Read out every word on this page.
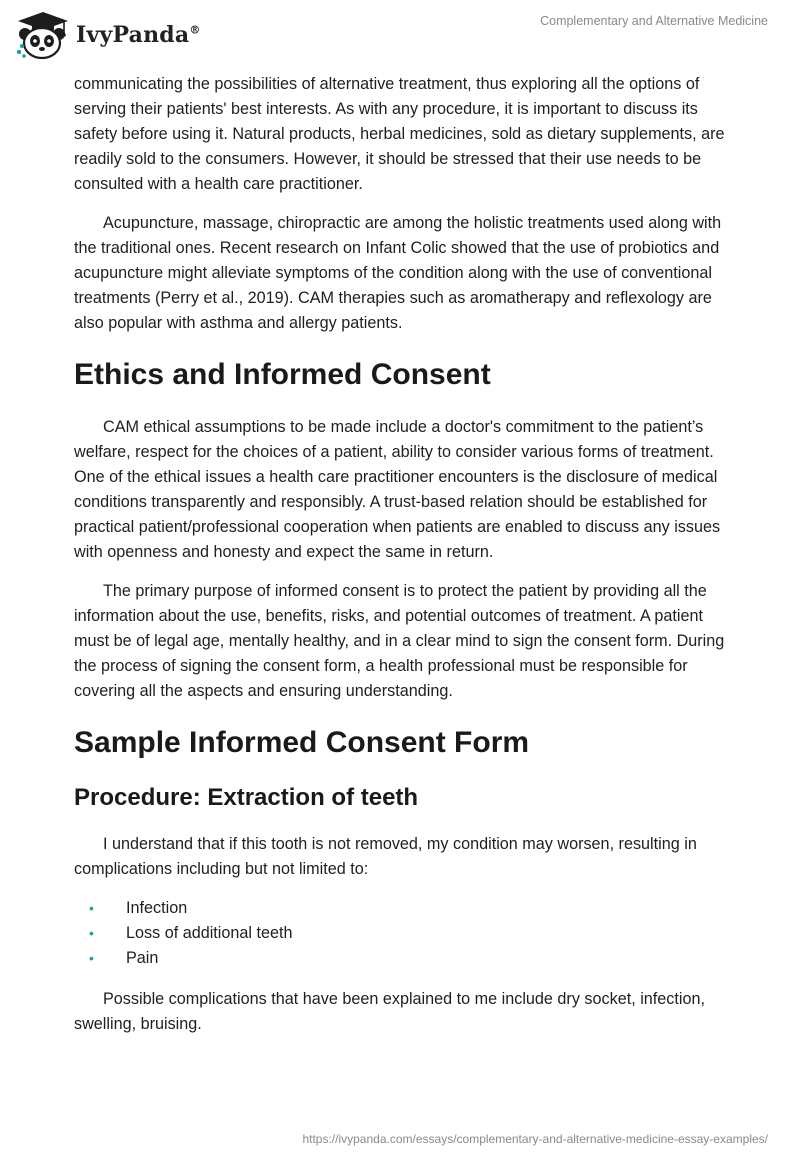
IvyPanda®
Complementary and Alternative Medicine

communicating the possibilities of alternative treatment, thus exploring all the options of serving their patients' best interests. As with any procedure, it is important to discuss its safety before using it. Natural products, herbal medicines, sold as dietary supplements, are readily sold to the consumers. However, it should be stressed that their use needs to be consulted with a health care practitioner.

Acupuncture, massage, chiropractic are among the holistic treatments used along with the traditional ones. Recent research on Infant Colic showed that the use of probiotics and acupuncture might alleviate symptoms of the condition along with the use of conventional treatments (Perry et al., 2019). CAM therapies such as aromatherapy and reflexology are also popular with asthma and allergy patients.

Ethics and Informed Consent

CAM ethical assumptions to be made include a doctor's commitment to the patient’s welfare, respect for the choices of a patient, ability to consider various forms of treatment. One of the ethical issues a health care practitioner encounters is the disclosure of medical conditions transparently and responsibly. A trust-based relation should be established for practical patient/professional cooperation when patients are enabled to discuss any issues with openness and honesty and expect the same in return.

The primary purpose of informed consent is to protect the patient by providing all the information about the use, benefits, risks, and potential outcomes of treatment. A patient must be of legal age, mentally healthy, and in a clear mind to sign the consent form. During the process of signing the consent form, a health professional must be responsible for covering all the aspects and ensuring understanding.

Sample Informed Consent Form
Procedure: Extraction of teeth

I understand that if this tooth is not removed, my condition may worsen, resulting in complications including but not limited to:

• Infection
• Loss of additional teeth
• Pain

Possible complications that have been explained to me include dry socket, infection, swelling, bruising.

https://ivypanda.com/essays/complementary-and-alternative-medicine-essay-examples/
